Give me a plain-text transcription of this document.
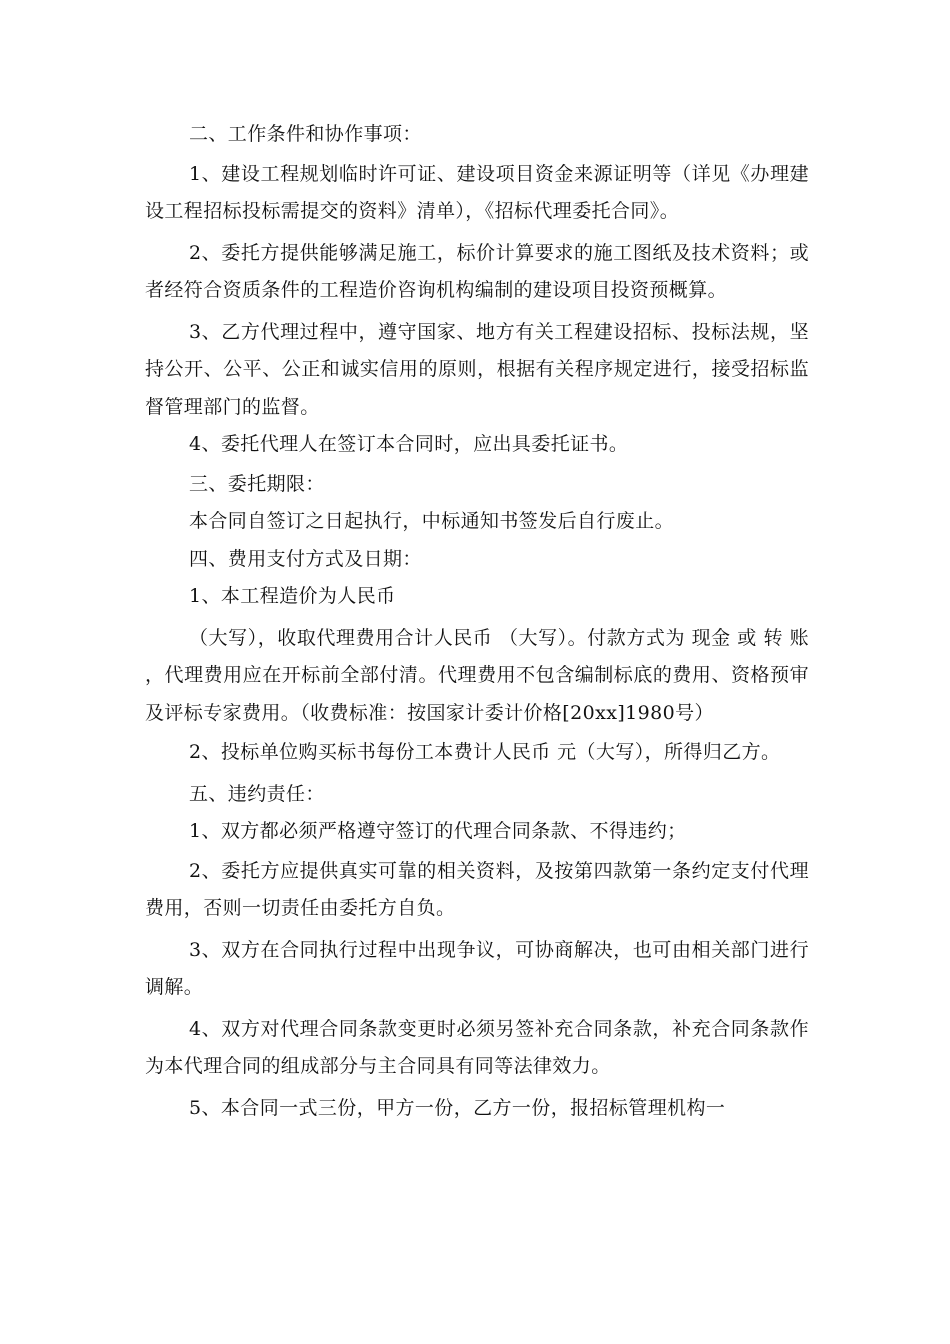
二、工作条件和协作事项：

1、建设工程规划临时许可证、建设项目资金来源证明等（详见《办理建设工程招标投标需提交的资料》清单），《招标代理委托合同》。

2、委托方提供能够满足施工，标价计算要求的施工图纸及技术资料；或者经符合资质条件的工程造价咨询机构编制的建设项目投资预概算。

3、乙方代理过程中，遵守国家、地方有关工程建设招标、投标法规，坚持公开、公平、公正和诚实信用的原则，根据有关程序规定进行，接受招标监督管理部门的监督。

4、委托代理人在签订本合同时，应出具委托证书。

三、委托期限：

本合同自签订之日起执行，中标通知书签发后自行废止。

四、费用支付方式及日期：

1、本工程造价为人民币

（大写），收取代理费用合计人民币 （大写）。付款方式为 现金 或 转 账 ，代理费用应在开标前全部付清。代理费用不包含编制标底的费用、资格预审及评标专家费用。（收费标准：按国家计委计价格[20xx]1980号）

2、投标单位购买标书每份工本费计人民币 元（大写），所得归乙方。

五、违约责任：

1、双方都必须严格遵守签订的代理合同条款、不得违约；

2、委托方应提供真实可靠的相关资料，及按第四款第一条约定支付代理费用，否则一切责任由委托方自负。

3、双方在合同执行过程中出现争议，可协商解决，也可由相关部门进行调解。

4、双方对代理合同条款变更时必须另签补充合同条款，补充合同条款作为本代理合同的组成部分与主合同具有同等法律效力。

5、本合同一式三份，甲方一份，乙方一份，报招标管理机构一
